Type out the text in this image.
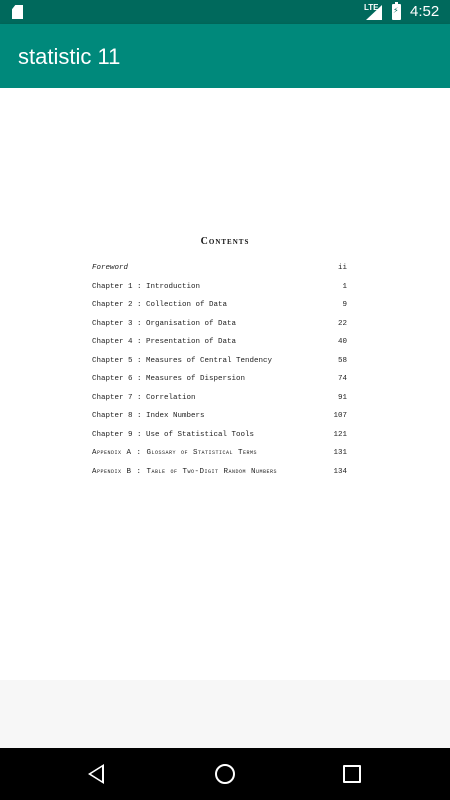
LTE ⚡ 4:52
statistic 11
Contents
Foreword	ii
Chapter 1 : Introduction	1
Chapter 2 : Collection of Data	9
Chapter 3 : Organisation of Data	22
Chapter 4 : Presentation of Data	40
Chapter 5 : Measures of Central Tendency	58
Chapter 6 : Measures of Dispersion	74
Chapter 7 : Correlation	91
Chapter 8 : Index Numbers	107
Chapter 9 : Use of Statistical Tools	121
Appendix A : Glossary of Statistical Terms	131
Appendix B : Table of Two-Digit Random Numbers	134
